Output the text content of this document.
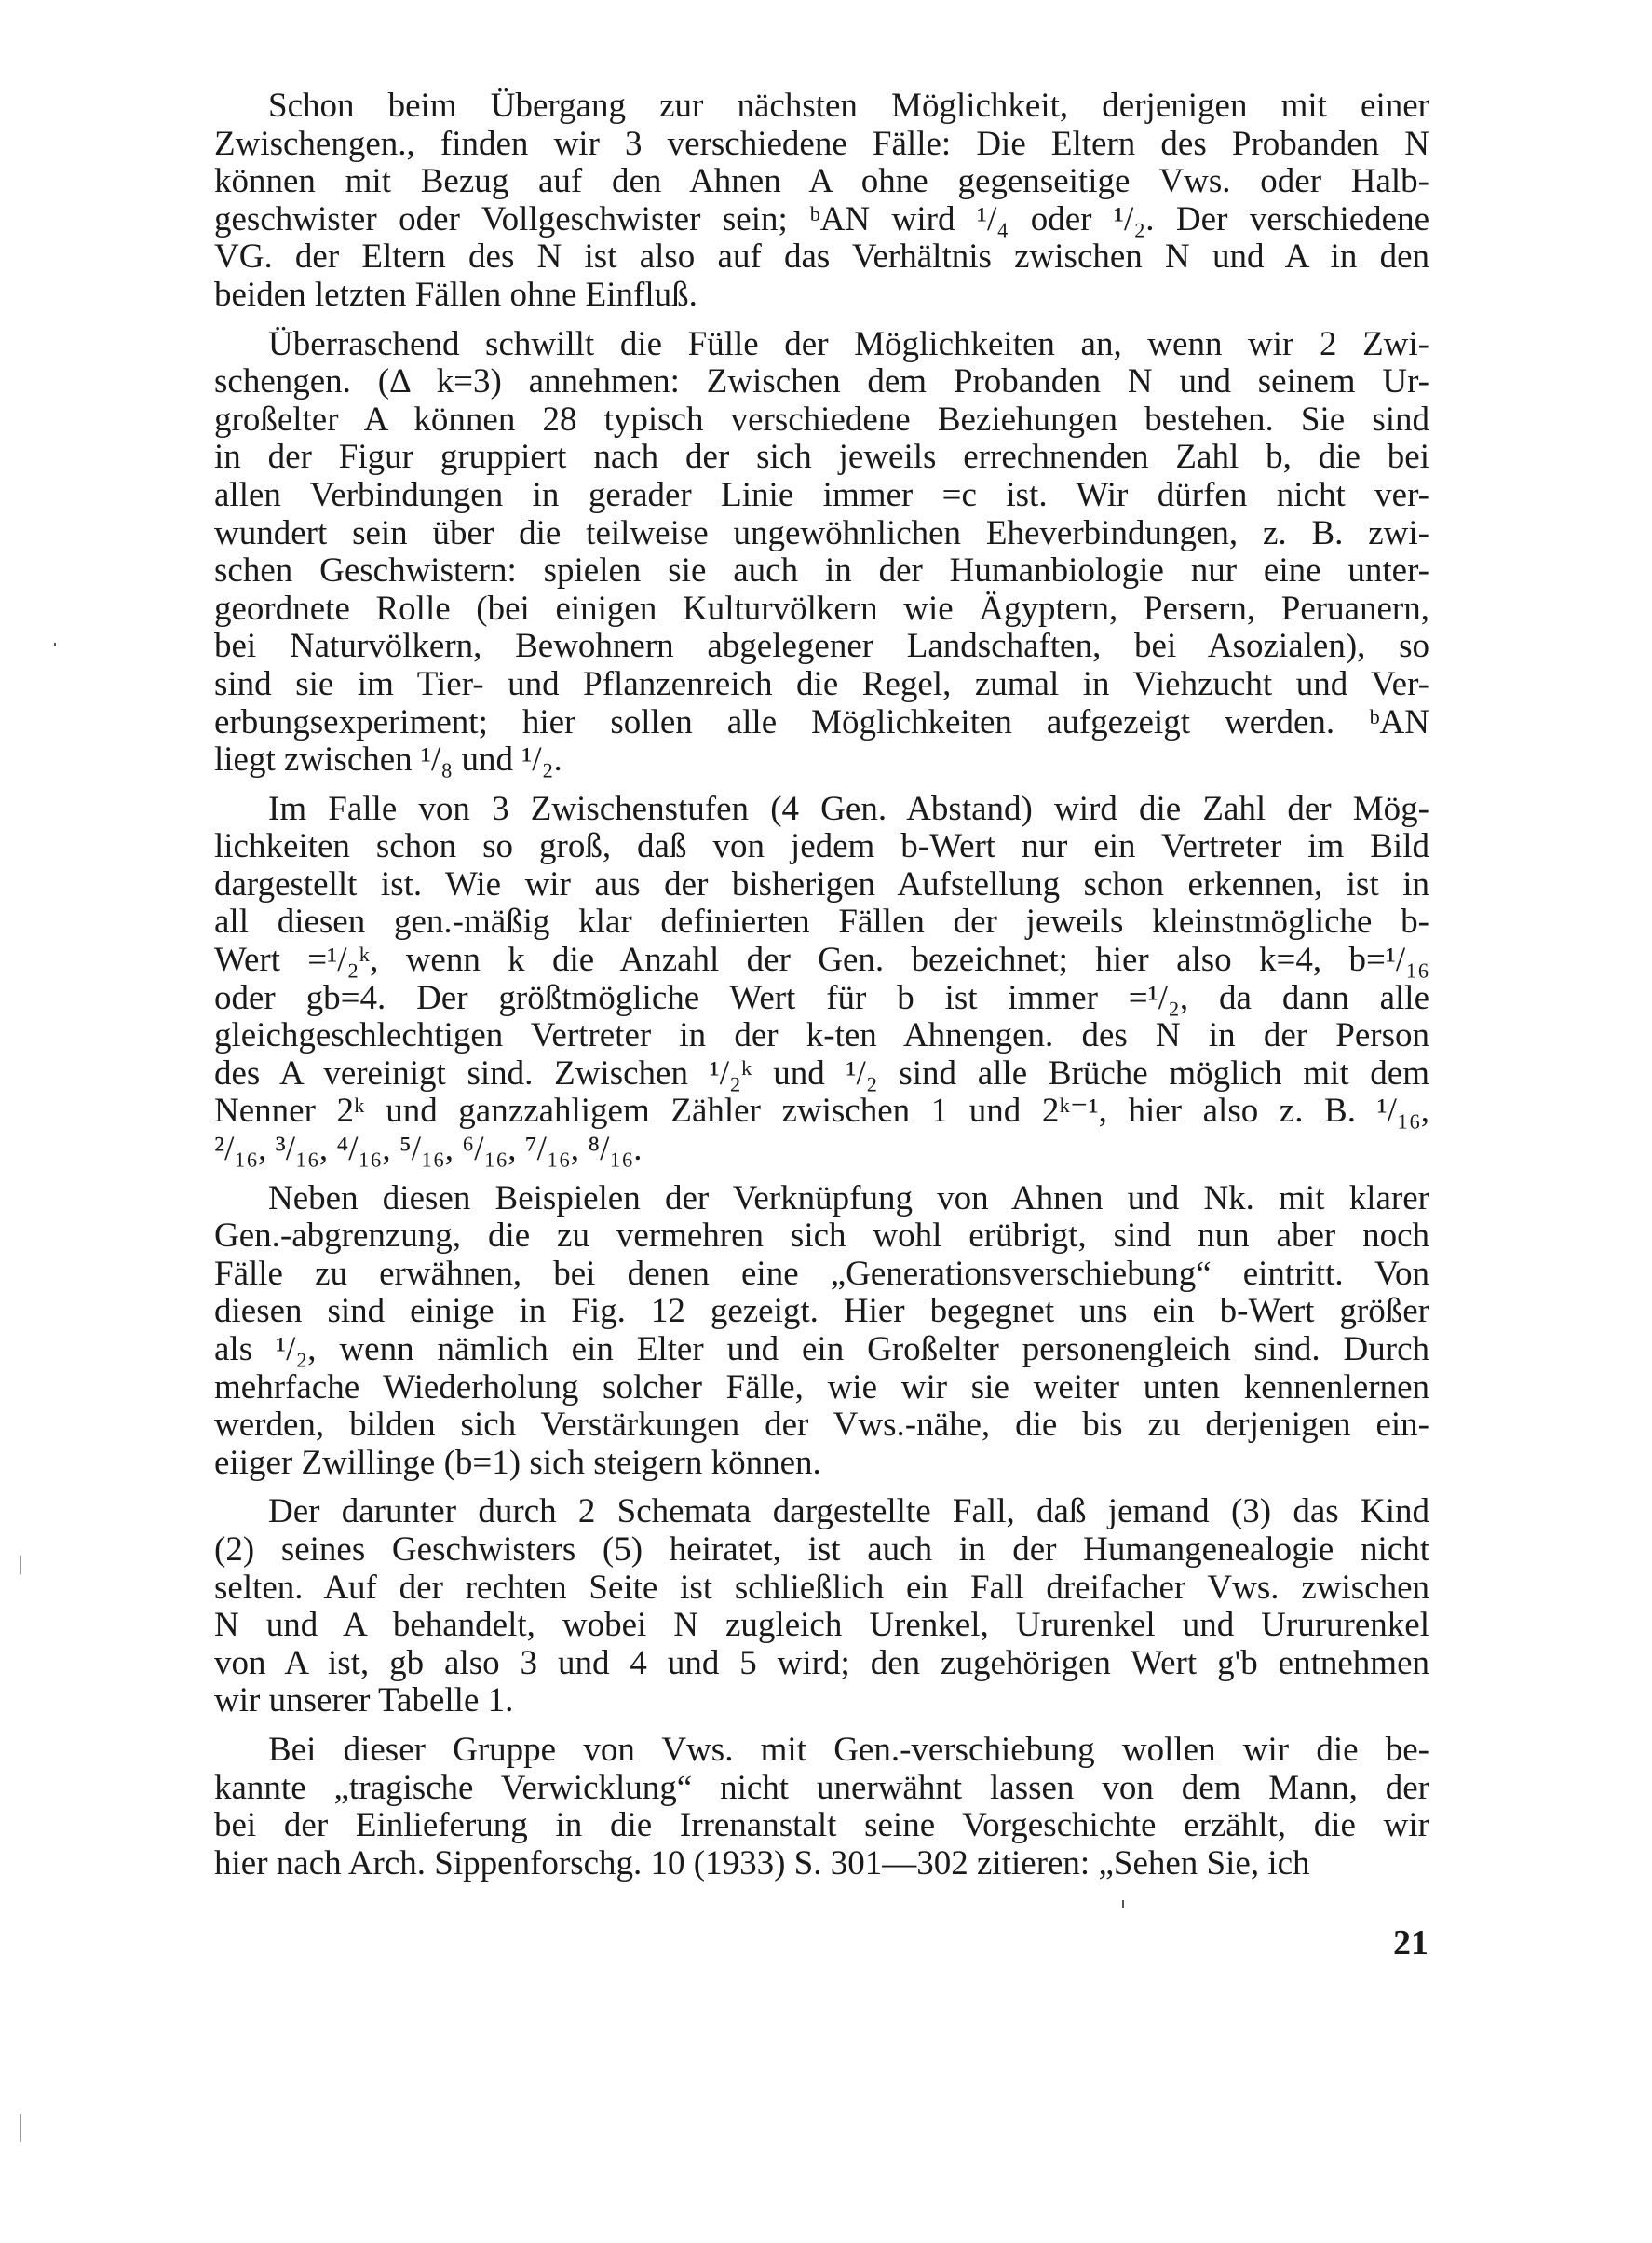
Schon beim Übergang zur nächsten Möglichkeit, derjenigen mit einer
Zwischengen., finden wir 3 verschiedene Fälle: Die Eltern des Probanden N
können mit Bezug auf den Ahnen A ohne gegenseitige Vws. oder Halb-
geschwister oder Vollgeschwister sein; ᵇAN wird ¹/₄ oder ¹/₂. Der verschiedene
VG. der Eltern des N ist also auf das Verhältnis zwischen N und A in den
beiden letzten Fällen ohne Einfluß.
Überraschend schwillt die Fülle der Möglichkeiten an, wenn wir 2 Zwi-
schengen. (Δ k=3) annehmen: Zwischen dem Probanden N und seinem Ur-
großelter A können 28 typisch verschiedene Beziehungen bestehen. Sie sind
in der Figur gruppiert nach der sich jeweils errechnenden Zahl b, die bei
allen Verbindungen in gerader Linie immer =c ist. Wir dürfen nicht ver-
wundert sein über die teilweise ungewöhnlichen Eheverbindungen, z. B. zwi-
schen Geschwistern: spielen sie auch in der Humanbiologie nur eine unter-
geordnete Rolle (bei einigen Kulturvölkern wie Ägyptern, Persern, Peruanern,
bei Naturvölkern, Bewohnern abgelegener Landschaften, bei Asozialen), so
sind sie im Tier- und Pflanzenreich die Regel, zumal in Viehzucht und Ver-
erbungsexperiment; hier sollen alle Möglichkeiten aufgezeigt werden. ᵇAN
liegt zwischen ¹/₈ und ¹/₂.
Im Falle von 3 Zwischenstufen (4 Gen. Abstand) wird die Zahl der Mög-
lichkeiten schon so groß, daß von jedem b-Wert nur ein Vertreter im Bild
dargestellt ist. Wie wir aus der bisherigen Aufstellung schon erkennen, ist in
all diesen gen.-mäßig klar definierten Fällen der jeweils kleinstmögliche b-
Wert =¹/₂ᵏ, wenn k die Anzahl der Gen. bezeichnet; hier also k=4, b=¹/₁₆
oder gb=4. Der größtmögliche Wert für b ist immer =¹/₂, da dann alle
gleichgeschlechtigen Vertreter in der k-ten Ahnengen. des N in der Person
des A vereinigt sind. Zwischen ¹/₂ᵏ und ¹/₂ sind alle Brüche möglich mit dem
Nenner 2ᵏ und ganzzahligem Zähler zwischen 1 und 2ᵏ⁻¹, hier also z. B. ¹/₁₆,
²/₁₆, ³/₁₆, ⁴/₁₆, ⁵/₁₆, ⁶/₁₆, ⁷/₁₆, ⁸/₁₆.
Neben diesen Beispielen der Verknüpfung von Ahnen und Nk. mit klarer
Gen.-abgrenzung, die zu vermehren sich wohl erübrigt, sind nun aber noch
Fälle zu erwähnen, bei denen eine „Generationsverschiebung“ eintritt. Von
diesen sind einige in Fig. 12 gezeigt. Hier begegnet uns ein b-Wert größer
als ¹/₂, wenn nämlich ein Elter und ein Großelter personengleich sind. Durch
mehrfache Wiederholung solcher Fälle, wie wir sie weiter unten kennenlernen
werden, bilden sich Verstärkungen der Vws.-nähe, die bis zu derjenigen ein-
eiiger Zwillinge (b=1) sich steigern können.
Der darunter durch 2 Schemata dargestellte Fall, daß jemand (3) das Kind
(2) seines Geschwisters (5) heiratet, ist auch in der Humangenealogie nicht
selten. Auf der rechten Seite ist schließlich ein Fall dreifacher Vws. zwischen
N und A behandelt, wobei N zugleich Urenkel, Ururenkel und Urururenkel
von A ist, gb also 3 und 4 und 5 wird; den zugehörigen Wert g'b entnehmen
wir unserer Tabelle 1.
Bei dieser Gruppe von Vws. mit Gen.-verschiebung wollen wir die be-
kannte „tragische Verwicklung“ nicht unerwähnt lassen von dem Mann, der
bei der Einlieferung in die Irrenanstalt seine Vorgeschichte erzählt, die wir
hier nach Arch. Sippenforschg. 10 (1933) S. 301—302 zitieren: „Sehen Sie, ich
21
